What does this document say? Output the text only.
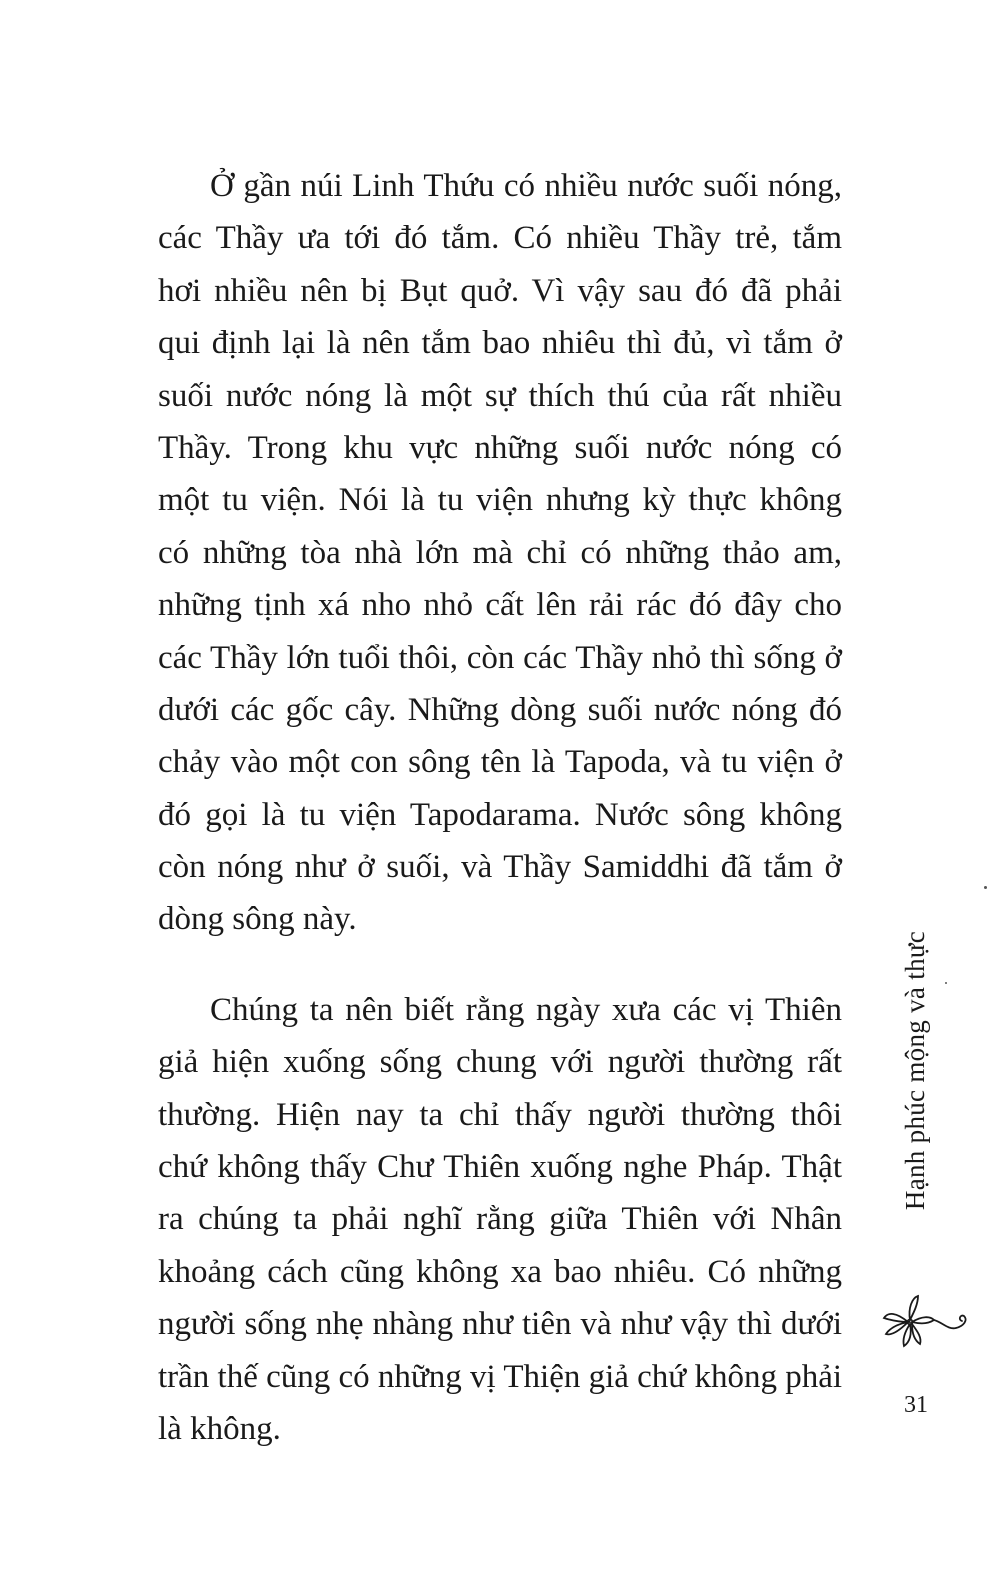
Ở gần núi Linh Thứu có nhiều nước suối nóng,
các Thầy ưa tới đó tắm. Có nhiều Thầy trẻ, tắm
hơi nhiều nên bị Bụt quở. Vì vậy sau đó đã phải
qui định lại là nên tắm bao nhiêu thì đủ, vì tắm ở
suối nước nóng là một sự thích thú của rất nhiều
Thầy. Trong khu vực những suối nước nóng có
một tu viện. Nói là tu viện nhưng kỳ thực không
có những tòa nhà lớn mà chỉ có những thảo am,
những tịnh xá nho nhỏ cất lên rải rác đó đây cho
các Thầy lớn tuổi thôi, còn các Thầy nhỏ thì sống ở
dưới các gốc cây. Những dòng suối nước nóng đó
chảy vào một con sông tên là Tapoda, và tu viện ở
đó gọi là tu viện Tapodarama. Nước sông không
còn nóng như ở suối, và Thầy Samiddhi đã tắm ở
dòng sông này.
Chúng ta nên biết rằng ngày xưa các vị Thiên
giả hiện xuống sống chung với người thường rất
thường. Hiện nay ta chỉ thấy người thường thôi
chứ không thấy Chư Thiên xuống nghe Pháp. Thật
ra chúng ta phải nghĩ rằng giữa Thiên với Nhân
khoảng cách cũng không xa bao nhiêu. Có những
người sống nhẹ nhàng như tiên và như vậy thì dưới
trần thế cũng có những vị Thiện giả chứ không phải
là không.
Hạnh phúc mộng và thực
31
